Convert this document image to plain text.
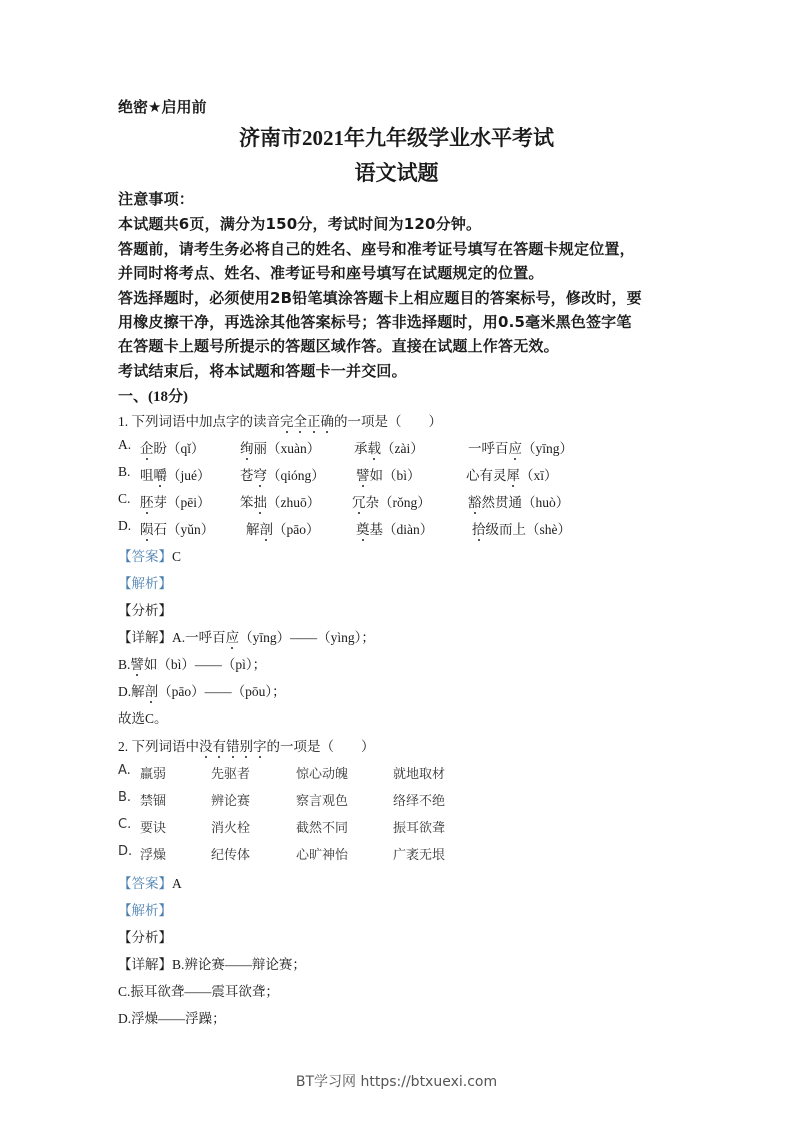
绝密★启用前
济南市2021年九年级学业水平考试
语文试题
注意事项：
本试题共6页，满分为150分，考试时间为120分钟。
答题前，请考生务必将自己的姓名、座号和准考证号填写在答题卡规定位置，
并同时将考点、姓名、准考证号和座号填写在试题规定的位置。
答选择题时，必须使用2B铅笔填涂答题卡上相应题目的答案标号，修改时，要
用橡皮擦干净，再选涂其他答案标号；答非选择题时，用0.5毫米黑色签字笔
在答题卡上题号所提示的答题区域作答。直接在试题上作答无效。
考试结束后，将本试题和答题卡一并交回。
一、(18分)
1. 下列词语中加点字的读音完全正确的一项是（　　）
A. 企盼（qǐ）	绚丽（xuàn）	承载（zài）	一呼百应（yīng）
B. 咀嚼（jué） 苍穹（qióng） 譬如（bì）	心有灵犀（xī）
C. 胚芽（pēi） 笨拙（zhuō） 冗杂（rǒng）	豁然贯通（huò）
D. 陨石（yǔn） 解剖（pāo）	奠基（diàn）	拾级而上（shè）
【答案】C
【解析】
【分析】
【详解】A.一呼百应（yīng）——（yìng）；
B.譬如（bì）——（pì）；
D.解剖（pāo）——（pōu）；
故选C。
2. 下列词语中没有错别字的一项是（　　）
A. 羸弱	先驱者	惊心动魄	就地取材
B. 禁锢	辨论赛	察言观色	络绎不绝
C. 要诀	消火栓	截然不同	振耳欲聋
D. 浮燥	纪传体	心旷神怡	广袤无垠
【答案】A
【解析】
【分析】
【详解】B.辨论赛——辩论赛；
C.振耳欲聋——震耳欲聋；
D.浮燥——浮躁；
BT学习网 https://btxuexi.com
